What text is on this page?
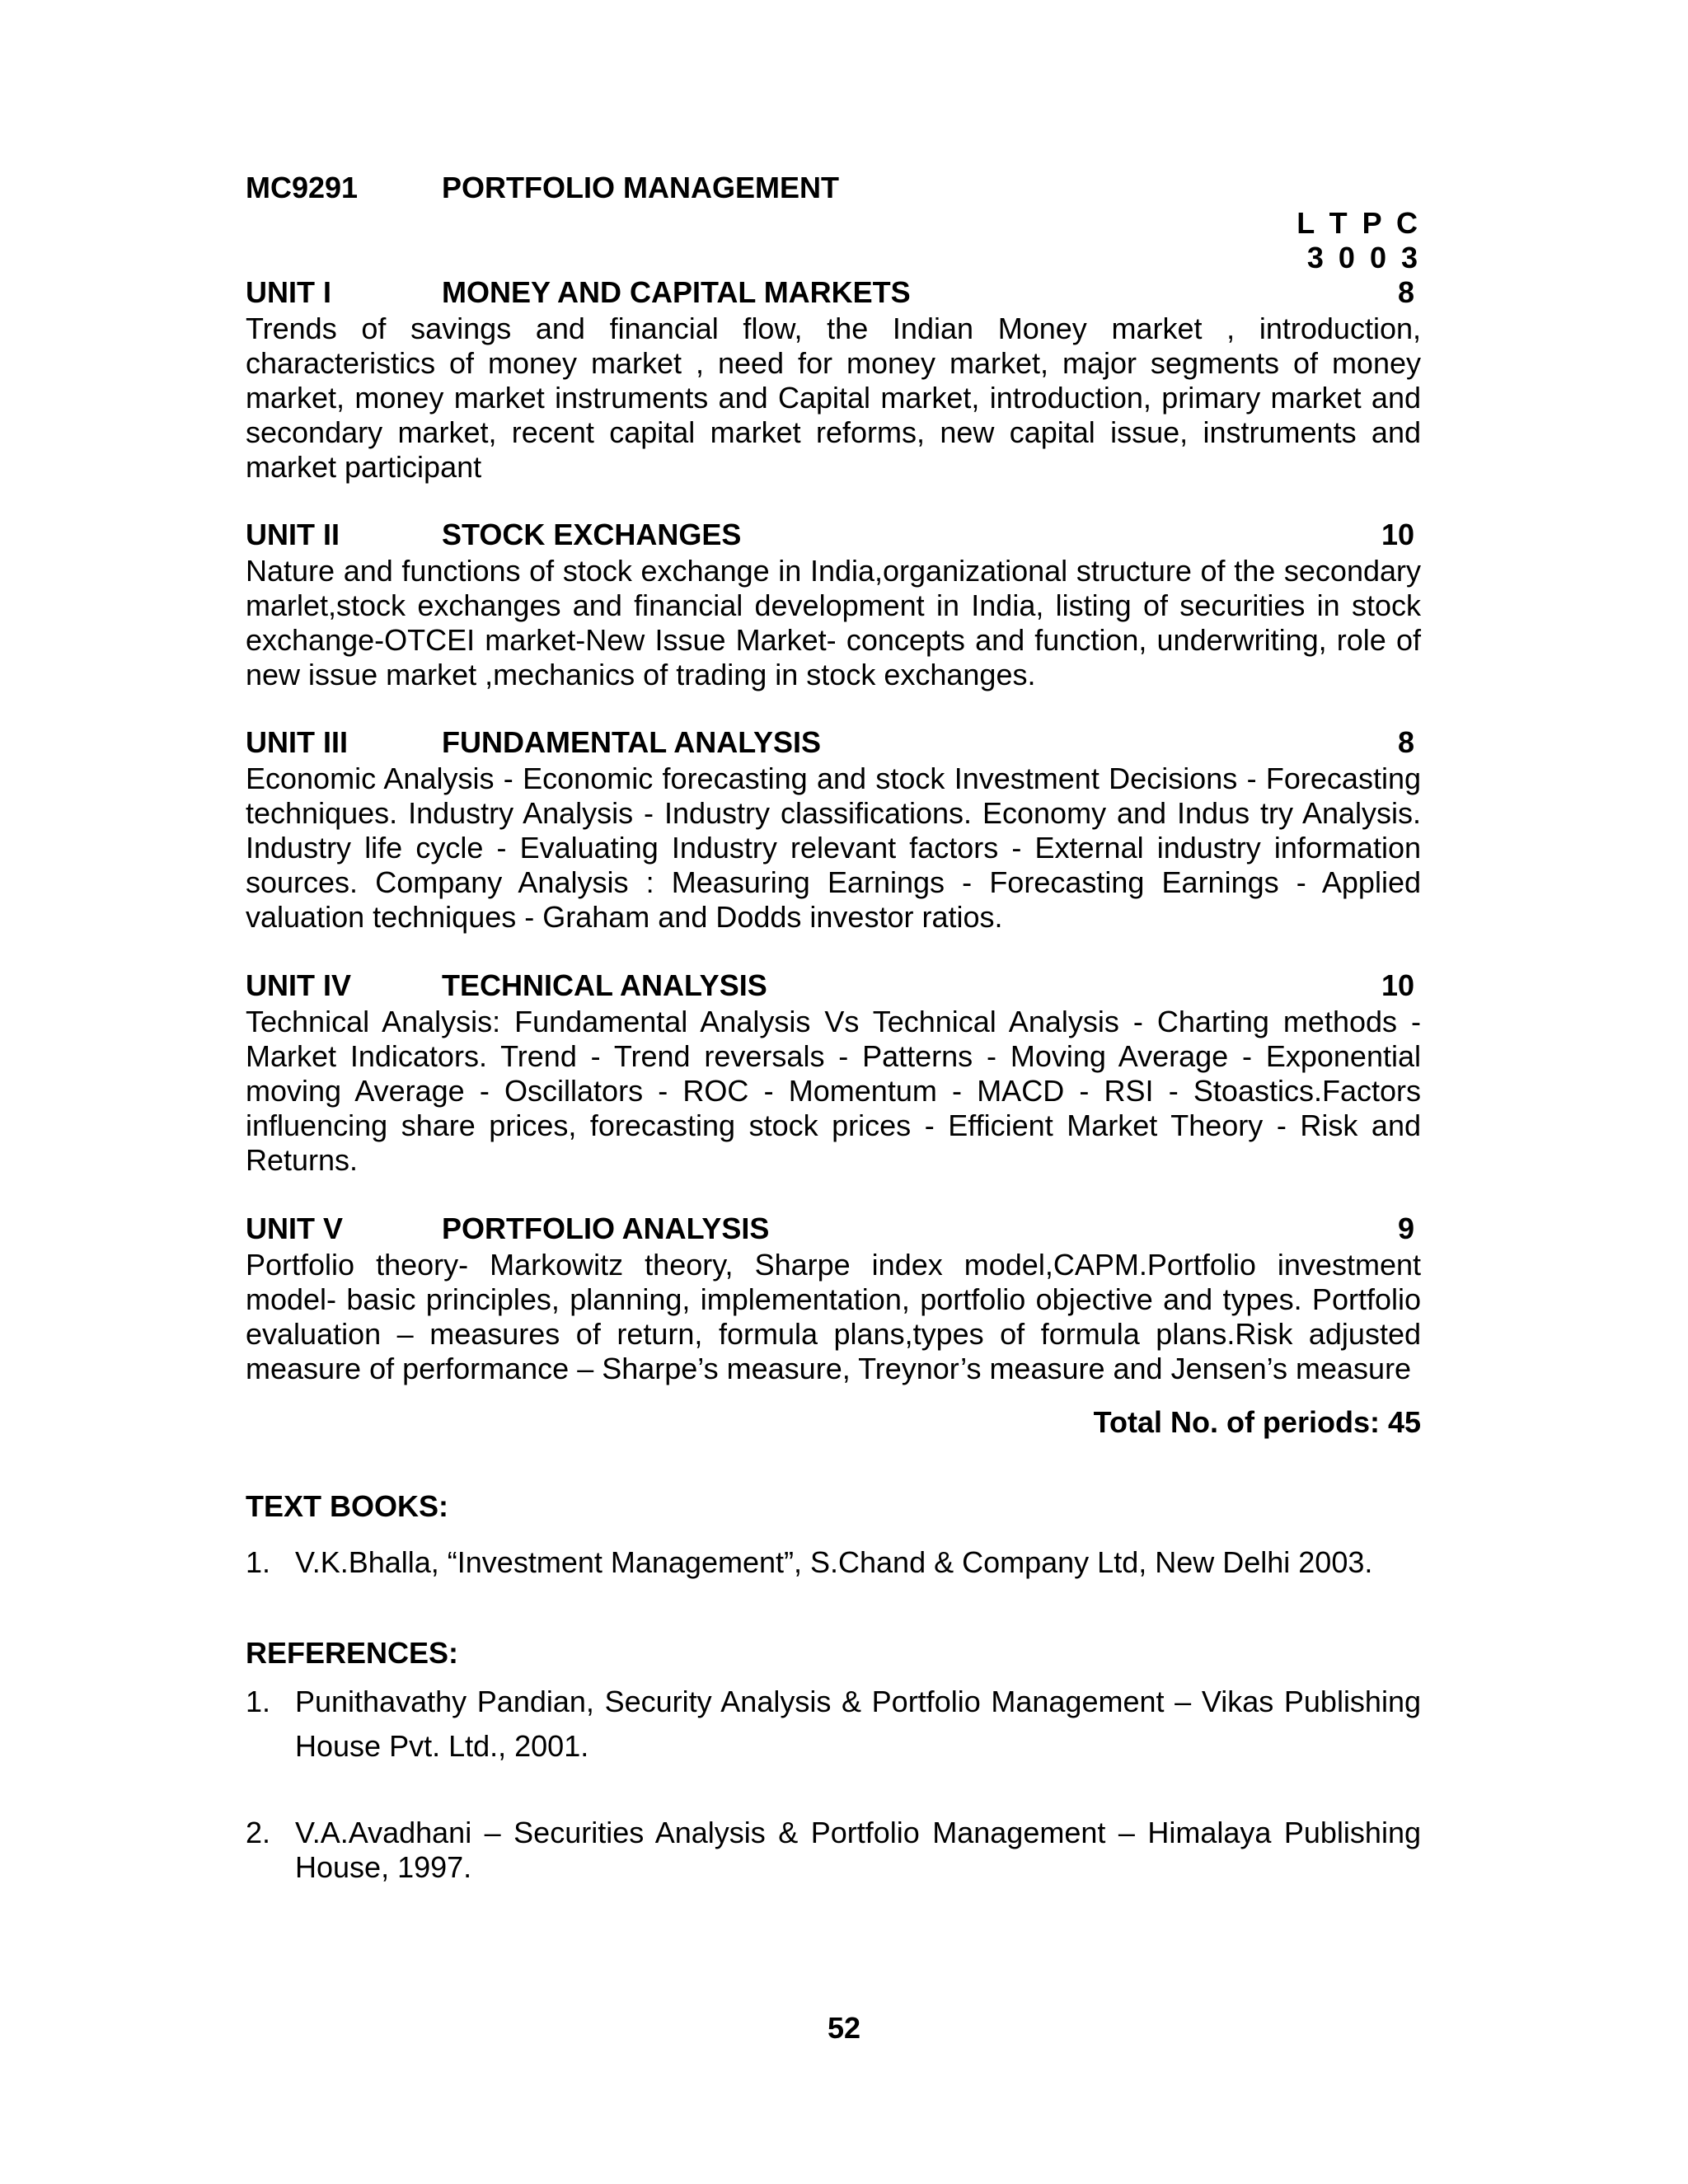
MC9291	PORTFOLIO MANAGEMENT
L T P C
3 0 0 3
UNIT I	MONEY AND CAPITAL MARKETS	8

Trends of savings and financial flow, the Indian Money market , introduction, characteristics of money market , need for money market, major segments of money market, money market instruments and Capital market, introduction, primary market and secondary market, recent capital market reforms, new capital issue, instruments and market participant

UNIT II	STOCK EXCHANGES	10

Nature and functions of stock exchange in India,organizational structure of the secondary marlet,stock exchanges and financial development in India, listing of securities in stock exchange-OTCEI market-New Issue Market- concepts and function, underwriting, role of new issue market ,mechanics of trading in stock exchanges.

UNIT III	FUNDAMENTAL ANALYSIS	8

Economic Analysis - Economic forecasting and stock Investment Decisions - Forecasting techniques. Industry Analysis - Industry classifications. Economy and Indus try Analysis. Industry life cycle - Evaluating Industry relevant factors - External industry information sources. Company Analysis : Measuring Earnings - Forecasting Earnings - Applied valuation techniques - Graham and Dodds investor ratios.

UNIT IV	TECHNICAL ANALYSIS	10

Technical Analysis: Fundamental Analysis Vs Technical Analysis - Charting methods - Market Indicators. Trend - Trend reversals - Patterns - Moving Average - Exponential moving Average - Oscillators - ROC - Momentum - MACD - RSI - Stoastics.Factors influencing share prices, forecasting stock prices - Efficient Market Theory - Risk and Returns.

UNIT V	PORTFOLIO ANALYSIS	9

Portfolio theory- Markowitz theory, Sharpe index model,CAPM.Portfolio investment model- basic principles, planning, implementation, portfolio objective and types. Portfolio evaluation – measures of return, formula plans,types of formula plans.Risk adjusted measure of performance – Sharpe’s measure, Treynor’s measure and Jensen’s measure

Total No. of periods: 45
TEXT BOOKS:
1. V.K.Bhalla, “Investment Management”, S.Chand & Company Ltd, New Delhi 2003.
REFERENCES:
1. Punithavathy Pandian, Security Analysis & Portfolio Management – Vikas Publishing House Pvt. Ltd., 2001.
2. V.A.Avadhani – Securities Analysis & Portfolio Management – Himalaya Publishing House, 1997.
52
